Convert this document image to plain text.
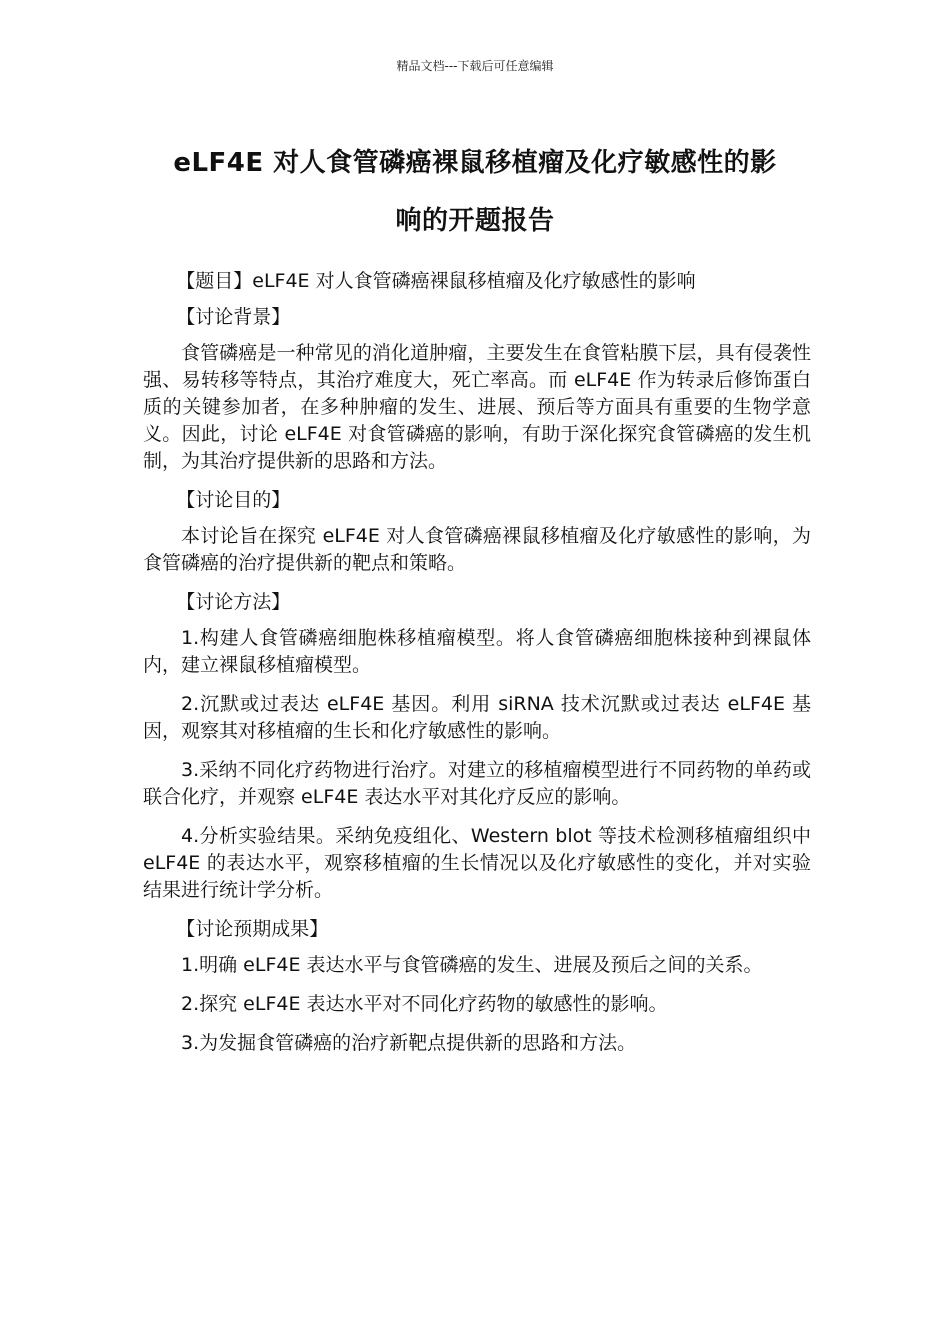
精品文档---下载后可任意编辑
eLF4E 对人食管磷癌裸鼠移植瘤及化疗敏感性的影
响的开题报告

【题目】eLF4E 对人食管磷癌裸鼠移植瘤及化疗敏感性的影响

【讨论背景】

食管磷癌是一种常见的消化道肿瘤，主要发生在食管粘膜下层，具有侵袭性强、易转移等特点，其治疗难度大，死亡率高。而 eLF4E 作为转录后修饰蛋白质的关键参加者，在多种肿瘤的发生、进展、预后等方面具有重要的生物学意义。因此，讨论 eLF4E 对食管磷癌的影响，有助于深化探究食管磷癌的发生机制，为其治疗提供新的思路和方法。

【讨论目的】

本讨论旨在探究 eLF4E 对人食管磷癌裸鼠移植瘤及化疗敏感性的影响，为食管磷癌的治疗提供新的靶点和策略。

【讨论方法】

1.构建人食管磷癌细胞株移植瘤模型。将人食管磷癌细胞株接种到裸鼠体内，建立裸鼠移植瘤模型。

2.沉默或过表达 eLF4E 基因。利用 siRNA 技术沉默或过表达 eLF4E 基因，观察其对移植瘤的生长和化疗敏感性的影响。

3.采纳不同化疗药物进行治疗。对建立的移植瘤模型进行不同药物的单药或联合化疗，并观察 eLF4E 表达水平对其化疗反应的影响。

4.分析实验结果。采纳免疫组化、Western blot 等技术检测移植瘤组织中 eLF4E 的表达水平，观察移植瘤的生长情况以及化疗敏感性的变化，并对实验结果进行统计学分析。

【讨论预期成果】

1.明确 eLF4E 表达水平与食管磷癌的发生、进展及预后之间的关系。

2.探究 eLF4E 表达水平对不同化疗药物的敏感性的影响。

3.为发掘食管磷癌的治疗新靶点提供新的思路和方法。
